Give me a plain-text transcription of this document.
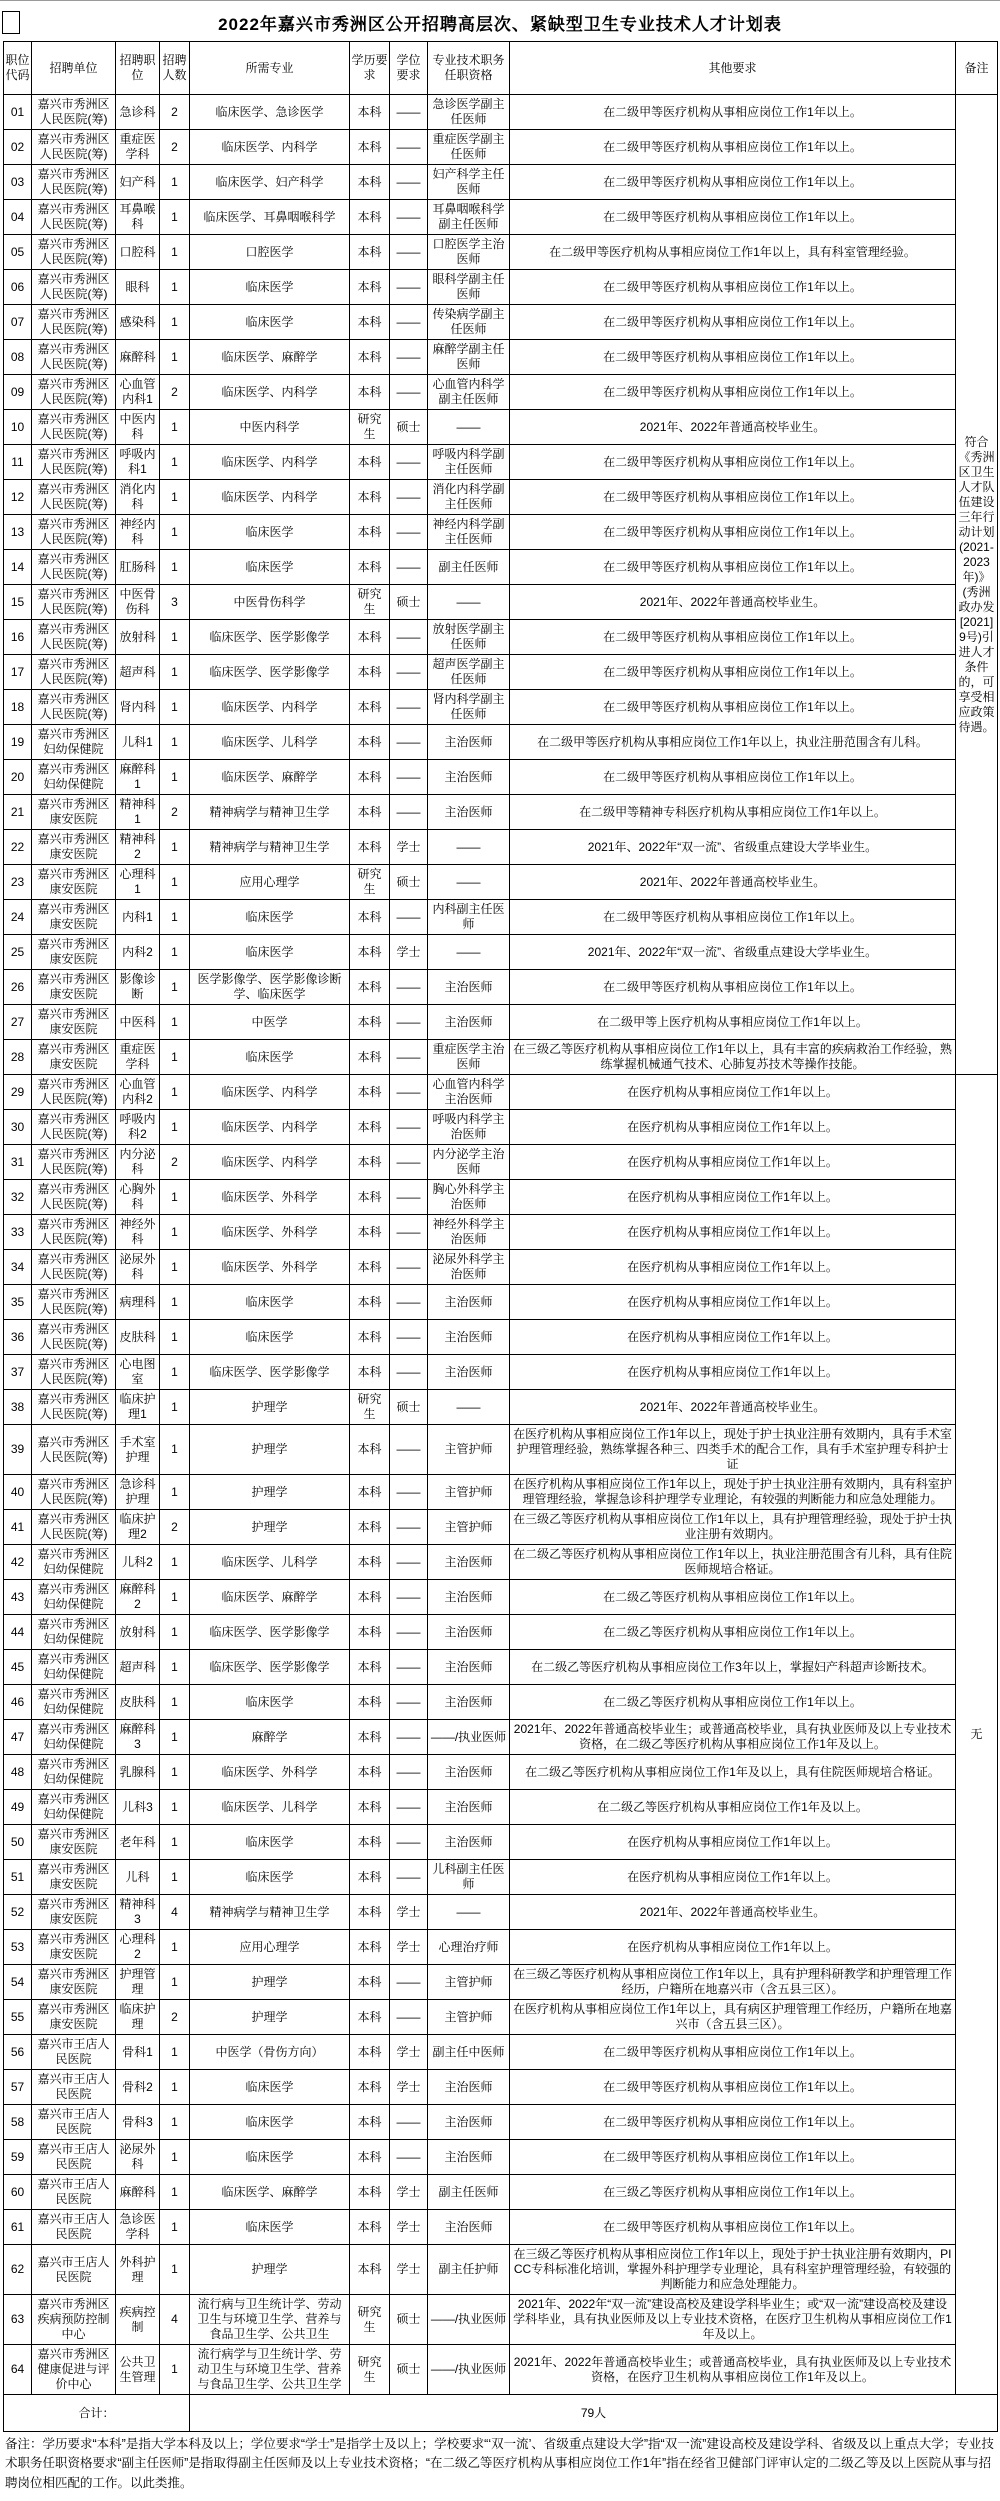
2022年嘉兴市秀洲区公开招聘高层次、紧缺型卫生专业技术人才计划表
职位代码	招聘单位	招聘职位	招聘人数	所需专业	学历要求	学位要求	专业技术职务任职资格	其他要求	备注
01	嘉兴市秀洲区人民医院(筹)	急诊科	2	临床医学、急诊医学	本科	——	急诊医学副主任医师	在二级甲等医疗机构从事相应岗位工作1年以上。	符合《秀洲区卫生人才队伍建设三年行动计划(2021-2023年)》(秀洲政办发[2021]9号)引进人才条件的，可享受相应政策待遇。
02	嘉兴市秀洲区人民医院(筹)	重症医学科	2	临床医学、内科学	本科	——	重症医学副主任医师	在二级甲等医疗机构从事相应岗位工作1年以上。	
03	嘉兴市秀洲区人民医院(筹)	妇产科	1	临床医学、妇产科学	本科	——	妇产科学主任医师	在二级甲等医疗机构从事相应岗位工作1年以上。	
04	嘉兴市秀洲区人民医院(筹)	耳鼻喉科	1	临床医学、耳鼻咽喉科学	本科	——	耳鼻咽喉科学副主任医师	在二级甲等医疗机构从事相应岗位工作1年以上。	
05	嘉兴市秀洲区人民医院(筹)	口腔科	1	口腔医学	本科	——	口腔医学主治医师	在二级甲等医疗机构从事相应岗位工作1年以上，具有科室管理经验。	
06	嘉兴市秀洲区人民医院(筹)	眼科	1	临床医学	本科	——	眼科学副主任医师	在二级甲等医疗机构从事相应岗位工作1年以上。	
07	嘉兴市秀洲区人民医院(筹)	感染科	1	临床医学	本科	——	传染病学副主任医师	在二级甲等医疗机构从事相应岗位工作1年以上。	
08	嘉兴市秀洲区人民医院(筹)	麻醉科	1	临床医学、麻醉学	本科	——	麻醉学副主任医师	在二级甲等医疗机构从事相应岗位工作1年以上。	
09	嘉兴市秀洲区人民医院(筹)	心血管内科1	2	临床医学、内科学	本科	——	心血管内科学副主任医师	在二级甲等医疗机构从事相应岗位工作1年以上。	
10	嘉兴市秀洲区人民医院(筹)	中医内科	1	中医内科学	研究生	硕士	——	2021年、2022年普通高校毕业生。	
11	嘉兴市秀洲区人民医院(筹)	呼吸内科1	1	临床医学、内科学	本科	——	呼吸内科学副主任医师	在二级甲等医疗机构从事相应岗位工作1年以上。	
12	嘉兴市秀洲区人民医院(筹)	消化内科	1	临床医学、内科学	本科	——	消化内科学副主任医师	在二级甲等医疗机构从事相应岗位工作1年以上。	
13	嘉兴市秀洲区人民医院(筹)	神经内科	1	临床医学	本科	——	神经内科学副主任医师	在二级甲等医疗机构从事相应岗位工作1年以上。	
14	嘉兴市秀洲区人民医院(筹)	肛肠科	1	临床医学	本科	——	副主任医师	在二级甲等医疗机构从事相应岗位工作1年以上。	
15	嘉兴市秀洲区人民医院(筹)	中医骨伤科	3	中医骨伤科学	研究生	硕士	——	2021年、2022年普通高校毕业生。	
16	嘉兴市秀洲区人民医院(筹)	放射科	1	临床医学、医学影像学	本科	——	放射医学副主任医师	在二级甲等医疗机构从事相应岗位工作1年以上。	
17	嘉兴市秀洲区人民医院(筹)	超声科	1	临床医学、医学影像学	本科	——	超声医学副主任医师	在二级甲等医疗机构从事相应岗位工作1年以上。	
18	嘉兴市秀洲区人民医院(筹)	肾内科	1	临床医学、内科学	本科	——	肾内科学副主任医师	在二级甲等医疗机构从事相应岗位工作1年以上。	
19	嘉兴市秀洲区妇幼保健院	儿科1	1	临床医学、儿科学	本科	——	主治医师	在二级甲等医疗机构从事相应岗位工作1年以上，执业注册范围含有儿科。	
20	嘉兴市秀洲区妇幼保健院	麻醉科1	1	临床医学、麻醉学	本科	——	主治医师	在二级甲等医疗机构从事相应岗位工作1年以上。	
21	嘉兴市秀洲区康安医院	精神科1	2	精神病学与精神卫生学	本科	——	主治医师	在二级甲等精神专科医疗机构从事相应岗位工作1年以上。	
22	嘉兴市秀洲区康安医院	精神科2	1	精神病学与精神卫生学	本科	学士	——	2021年、2022年“双一流”、省级重点建设大学毕业生。	
23	嘉兴市秀洲区康安医院	心理科1	1	应用心理学	研究生	硕士	——	2021年、2022年普通高校毕业生。	
24	嘉兴市秀洲区康安医院	内科1	1	临床医学	本科	——	内科副主任医师	在二级甲等医疗机构从事相应岗位工作1年以上。	
25	嘉兴市秀洲区康安医院	内科2	1	临床医学	本科	学士	——	2021年、2022年“双一流”、省级重点建设大学毕业生。	
26	嘉兴市秀洲区康安医院	影像诊断	1	医学影像学、医学影像诊断学、临床医学	本科	——	主治医师	在二级甲等医疗机构从事相应岗位工作1年以上。	
27	嘉兴市秀洲区康安医院	中医科	1	中医学	本科	——	主治医师	在二级甲等上医疗机构从事相应岗位工作1年以上。	
28	嘉兴市秀洲区康安医院	重症医学科	1	临床医学	本科	——	重症医学主治医师	在三级乙等医疗机构从事相应岗位工作1年以上，具有丰富的疾病救治工作经验，熟练掌握机械通气技术、心肺复苏技术等操作技能。	
29	嘉兴市秀洲区人民医院(筹)	心血管内科2	1	临床医学、内科学	本科	——	心血管内科学主治医师	在医疗机构从事相应岗位工作1年以上。	无
30	嘉兴市秀洲区人民医院(筹)	呼吸内科2	1	临床医学、内科学	本科	——	呼吸内科学主治医师	在医疗机构从事相应岗位工作1年以上。	
31	嘉兴市秀洲区人民医院(筹)	内分泌科	2	临床医学、内科学	本科	——	内分泌学主治医师	在医疗机构从事相应岗位工作1年以上。	
32	嘉兴市秀洲区人民医院(筹)	心胸外科	1	临床医学、外科学	本科	——	胸心外科学主治医师	在医疗机构从事相应岗位工作1年以上。	
33	嘉兴市秀洲区人民医院(筹)	神经外科	1	临床医学、外科学	本科	——	神经外科学主治医师	在医疗机构从事相应岗位工作1年以上。	
34	嘉兴市秀洲区人民医院(筹)	泌尿外科	1	临床医学、外科学	本科	——	泌尿外科学主治医师	在医疗机构从事相应岗位工作1年以上。	
35	嘉兴市秀洲区人民医院(筹)	病理科	1	临床医学	本科	——	主治医师	在医疗机构从事相应岗位工作1年以上。	
36	嘉兴市秀洲区人民医院(筹)	皮肤科	1	临床医学	本科	——	主治医师	在医疗机构从事相应岗位工作1年以上。	
37	嘉兴市秀洲区人民医院(筹)	心电图室	1	临床医学、医学影像学	本科	——	主治医师	在医疗机构从事相应岗位工作1年以上。	
38	嘉兴市秀洲区人民医院(筹)	临床护理1	1	护理学	研究生	硕士	——	2021年、2022年普通高校毕业生。	
39	嘉兴市秀洲区人民医院(筹)	手术室护理	1	护理学	本科	——	主管护师	在医疗机构从事相应岗位工作1年以上，现处于护士执业注册有效期内，具有手术室护理管理经验，熟练掌握各种三、四类手术的配合工作，具有手术室护理专科护士证	
40	嘉兴市秀洲区人民医院(筹)	急诊科护理	1	护理学	本科	——	主管护师	在医疗机构从事相应岗位工作1年以上，现处于护士执业注册有效期内，具有科室护理管理经验，掌握急诊科护理学专业理论，有较强的判断能力和应急处理能力。	
41	嘉兴市秀洲区人民医院(筹)	临床护理2	2	护理学	本科	——	主管护师	在三级乙等医疗机构从事相应岗位工作1年以上，具有护理管理经验，现处于护士执业注册有效期内。	
42	嘉兴市秀洲区妇幼保健院	儿科2	1	临床医学、儿科学	本科	——	主治医师	在二级乙等医疗机构从事相应岗位工作1年以上，执业注册范围含有儿科，具有住院医师规培合格证。	
43	嘉兴市秀洲区妇幼保健院	麻醉科2	1	临床医学、麻醉学	本科	——	主治医师	在二级乙等医疗机构从事相应岗位工作1年以上。	
44	嘉兴市秀洲区妇幼保健院	放射科	1	临床医学、医学影像学	本科	——	主治医师	在二级乙等医疗机构从事相应岗位工作1年以上。	
45	嘉兴市秀洲区妇幼保健院	超声科	1	临床医学、医学影像学	本科	——	主治医师	在二级乙等医疗机构从事相应岗位工作3年以上，掌握妇产科超声诊断技术。	
46	嘉兴市秀洲区妇幼保健院	皮肤科	1	临床医学	本科	——	主治医师	在二级乙等医疗机构从事相应岗位工作1年以上。	
47	嘉兴市秀洲区妇幼保健院	麻醉科3	1	麻醉学	本科	——	——/执业医师	2021年、2022年普通高校毕业生；或普通高校毕业，具有执业医师及以上专业技术资格，在二级乙等医疗机构从事相应岗位工作1年及以上。	
48	嘉兴市秀洲区妇幼保健院	乳腺科	1	临床医学、外科学	本科	——	主治医师	在二级乙等医疗机构从事相应岗位工作1年及以上，具有住院医师规培合格证。	
49	嘉兴市秀洲区妇幼保健院	儿科3	1	临床医学、儿科学	本科	——	主治医师	在二级乙等医疗机构从事相应岗位工作1年及以上。	
50	嘉兴市秀洲区康安医院	老年科	1	临床医学	本科	——	主治医师	在医疗机构从事相应岗位工作1年以上。	
51	嘉兴市秀洲区康安医院	儿科	1	临床医学	本科	——	儿科副主任医师	在医疗机构从事相应岗位工作1年以上。	
52	嘉兴市秀洲区康安医院	精神科3	4	精神病学与精神卫生学	本科	学士	——	2021年、2022年普通高校毕业生。	
53	嘉兴市秀洲区康安医院	心理科2	1	应用心理学	本科	学士	心理治疗师	在医疗机构从事相应岗位工作1年以上。	
54	嘉兴市秀洲区康安医院	护理管理	1	护理学	本科	——	主管护师	在三级乙等医疗机构从事相应岗位工作1年以上，具有护理科研教学和护理管理工作经历，户籍所在地嘉兴市（含五县三区）。	
55	嘉兴市秀洲区康安医院	临床护理	2	护理学	本科	——	主管护师	在医疗机构从事相应岗位工作1年以上，具有病区护理管理工作经历，户籍所在地嘉兴市（含五县三区）。	
56	嘉兴市王店人民医院	骨科1	1	中医学（骨伤方向）	本科	学士	副主任中医师	在二级甲等医疗机构从事相应岗位工作1年以上。	
57	嘉兴市王店人民医院	骨科2	1	临床医学	本科	学士	主治医师	在二级甲等医疗机构从事相应岗位工作1年以上。	
58	嘉兴市王店人民医院	骨科3	1	临床医学	本科	——	主治医师	在二级甲等医疗机构从事相应岗位工作1年以上。	
59	嘉兴市王店人民医院	泌尿外科	1	临床医学	本科	——	主治医师	在二级甲等医疗机构从事相应岗位工作1年以上。	
60	嘉兴市王店人民医院	麻醉科	1	临床医学、麻醉学	本科	学士	副主任医师	在三级乙等医疗机构从事相应岗位工作1年以上。	
61	嘉兴市王店人民医院	急诊医学科	1	临床医学	本科	学士	主治医师	在二级甲等医疗机构从事相应岗位工作1年以上。	
62	嘉兴市王店人民医院	外科护理	1	护理学	本科	学士	副主任护师	在三级乙等医疗机构从事相应岗位工作1年以上，现处于护士执业注册有效期内，PICC专科标准化培训，掌握外科护理学专业理论，具有科室护理管理经验，有较强的判断能力和应急处理能力。	
63	嘉兴市秀洲区疾病预防控制中心	疾病控制	4	流行病与卫生统计学、劳动卫生与环境卫生学、营养与食品卫生学、公共卫生	研究生	硕士	——/执业医师	2021年、2022年“双一流”建设高校及建设学科毕业生；或“双一流”建设高校及建设学科毕业，具有执业医师及以上专业技术资格，在医疗卫生机构从事相应岗位工作1年及以上。	
64	嘉兴市秀洲区健康促进与评价中心	公共卫生管理	1	流行病学与卫生统计学、劳动卫生与环境卫生学、营养与食品卫生学、公共卫生学	研究生	硕士	——/执业医师	2021年、2022年普通高校毕业生；或普通高校毕业，具有执业医师及以上专业技术资格，在医疗卫生机构从事相应岗位工作1年及以上。	
合计：				79人					
备注：学历要求“本科”是指大学本科及以上；学位要求“学士”是指学士及以上；学校要求“‘双一流’、省级重点建设大学”指“双一流”建设高校及建设学科、省级及以上重点大学；专业技术职务任职资格要求“副主任医师”是指取得副主任医师及以上专业技术资格；“在二级乙等医疗机构从事相应岗位工作1年”指在经省卫健部门评审认定的二级乙等及以上医院从事与招聘岗位相匹配的工作。以此类推。
